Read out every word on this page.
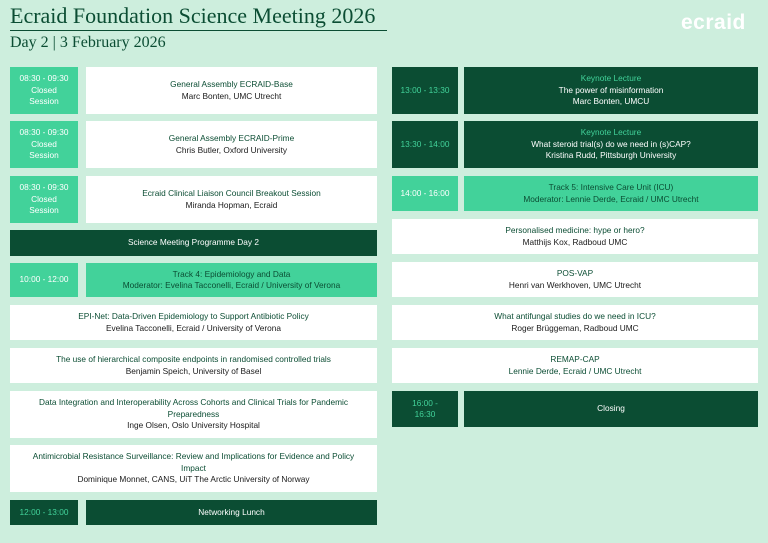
Ecraid Foundation Science Meeting 2026
Day 2 | 3 February 2026
ecraid
08:30 - 09:30
Closed
Session
General Assembly ECRAID-Base
Marc Bonten, UMC Utrecht
08:30 - 09:30
Closed
Session
General Assembly ECRAID-Prime
Chris Butler, Oxford University
08:30 - 09:30
Closed
Session
Ecraid Clinical Liaison Council Breakout Session
Miranda Hopman, Ecraid
Science Meeting Programme Day 2
10:00 - 12:00
Track 4: Epidemiology and Data
Moderator: Evelina Tacconelli, Ecraid / University of Verona
EPI-Net: Data-Driven Epidemiology to Support Antibiotic Policy
Evelina Tacconelli, Ecraid / University of Verona
The use of hierarchical composite endpoints in randomised controlled trials
Benjamin Speich, University of Basel
Data Integration and Interoperability Across Cohorts and Clinical Trials for Pandemic Preparedness
Inge Olsen, Oslo University Hospital
Antimicrobial Resistance Surveillance: Review and Implications for Evidence and Policy Impact
Dominique Monnet, CANS, UiT The Arctic University of Norway
12:00 - 13:00	Networking Lunch
13:00 - 13:30
Keynote Lecture
The power of misinformation
Marc Bonten, UMCU
13:30 - 14:00
Keynote Lecture
What steroid trial(s) do we need in (s)CAP?
Kristina Rudd, Pittsburgh University
14:00 - 16:00
Track 5: Intensive Care Unit (ICU)
Moderator: Lennie Derde, Ecraid / UMC Utrecht
Personalised medicine: hype or hero?
Matthijs Kox, Radboud UMC
POS-VAP
Henri van Werkhoven, UMC Utrecht
What antifungal studies do we need in ICU?
Roger Brüggeman, Radboud UMC
REMAP-CAP
Lennie Derde, Ecraid / UMC Utrecht
16:00 -
16:30
Closing
